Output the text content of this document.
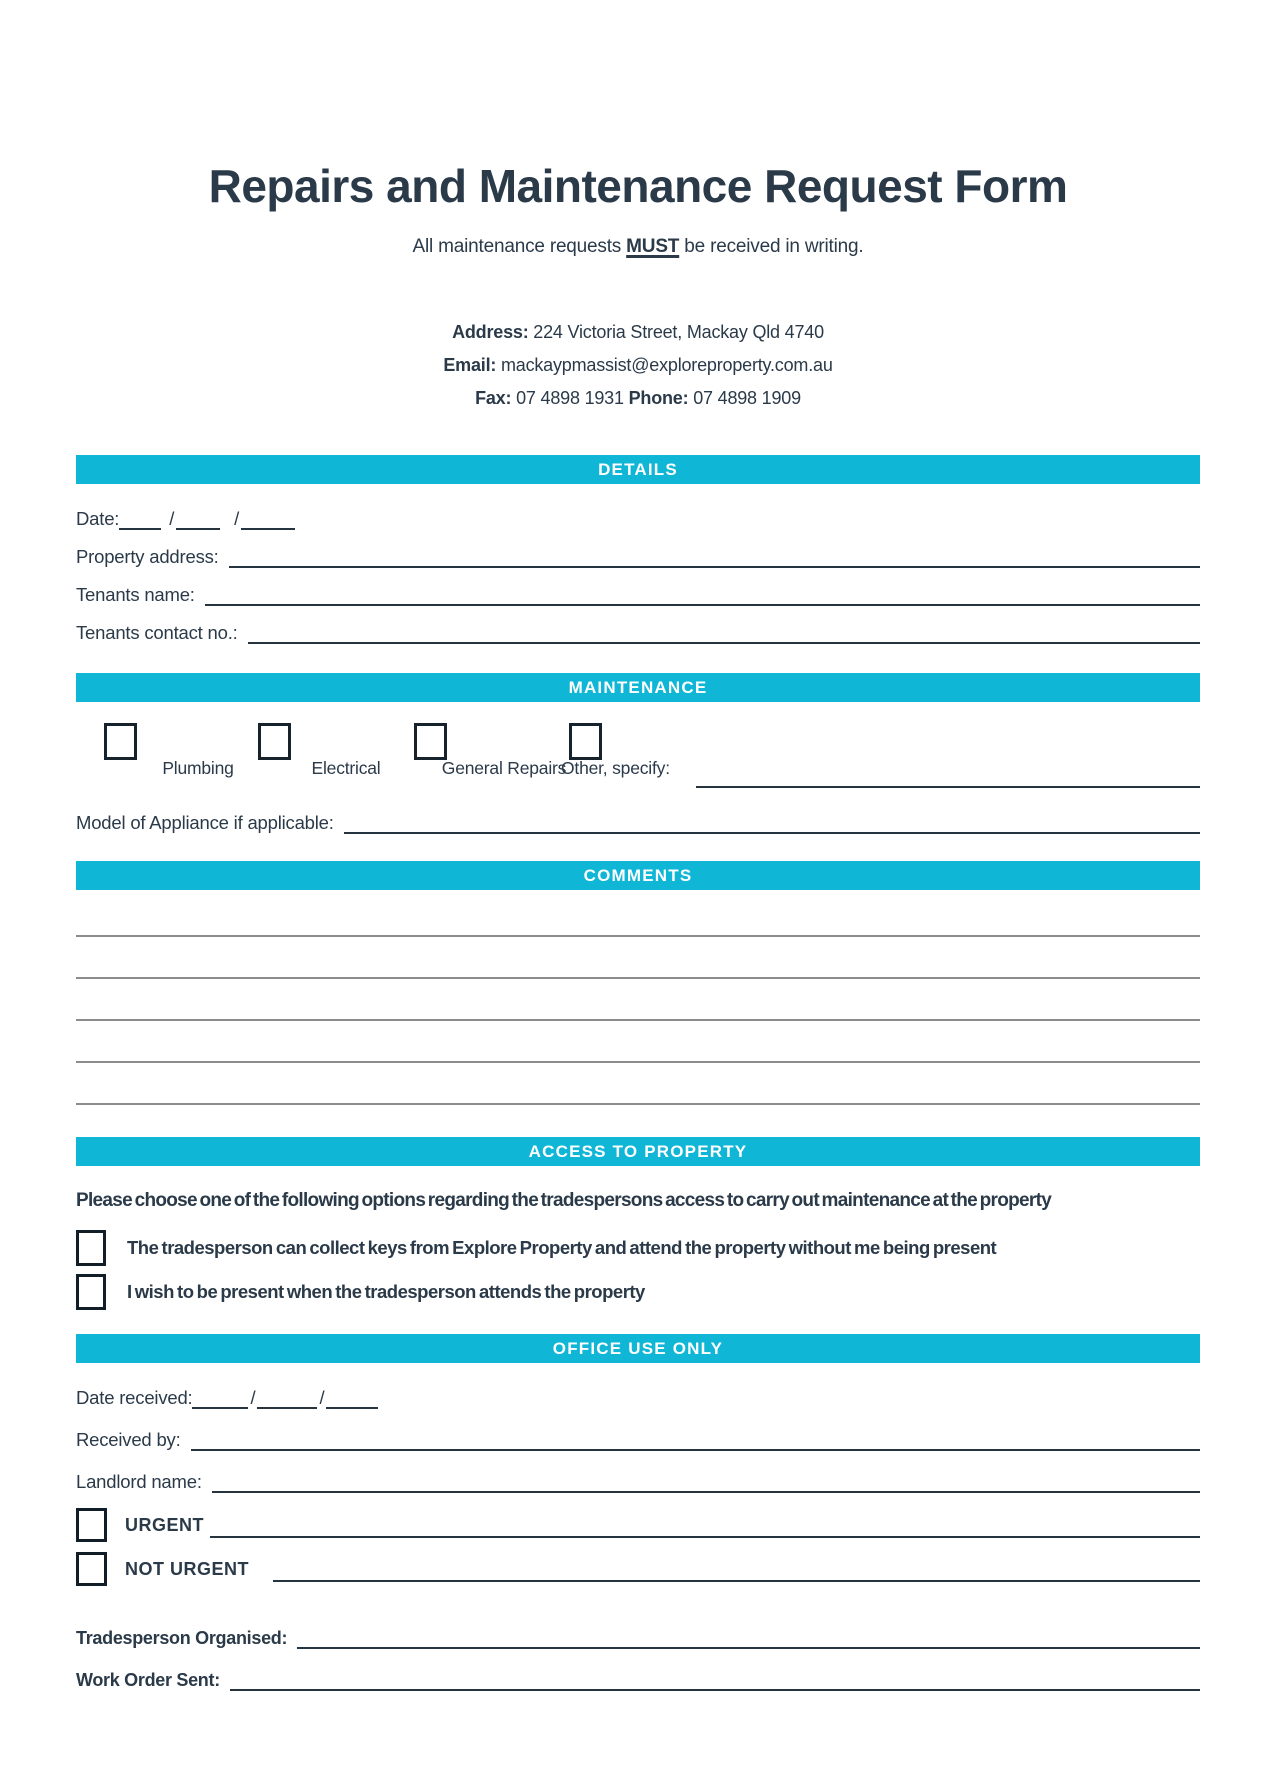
Repairs and Maintenance Request Form
All maintenance requests MUST be received in writing.
Address: 224 Victoria Street, Mackay Qld 4740
Email: mackaypmassist@exploreproperty.com.au
Fax: 07 4898 1931 Phone: 07 4898 1909
DETAILS
Date:	/	/
Property address:
Tenants name:
Tenants contact no.:
MAINTENANCE
Plumbing	Electrical	General Repairs
Other, specify:
Model of Appliance if applicable:
COMMENTS
ACCESS TO PROPERTY
Please choose one of the following options regarding the tradespersons access to carry out maintenance at the property
The tradesperson can collect keys from Explore Property and attend the property without me being present
I wish to be present when the tradesperson attends the property
OFFICE USE ONLY
Date received:	/	/
Received by:
Landlord name:
URGENT
NOT URGENT
Tradesperson Organised:
Work Order Sent:
